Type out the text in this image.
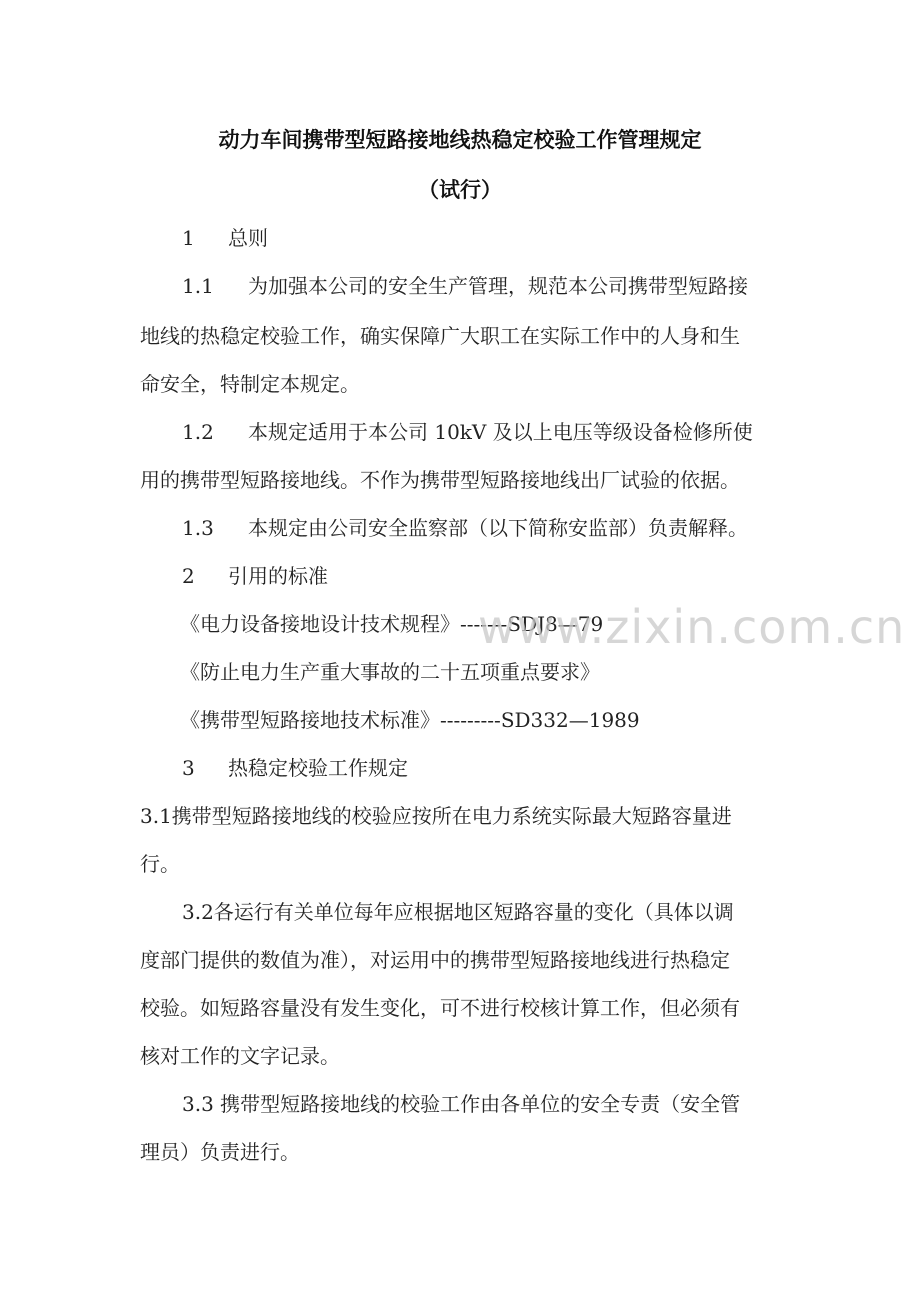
动力车间携带型短路接地线热稳定校验工作管理规定
（试行）
1 总则
1.1 为加强本公司的安全生产管理，规范本公司携带型短路接
地线的热稳定校验工作，确实保障广大职工在实际工作中的人身和生
命安全，特制定本规定。
1.2 本规定适用于本公司 10kV 及以上电压等级设备检修所使
用的携带型短路接地线。不作为携带型短路接地线出厂试验的依据。
1.3 本规定由公司安全监察部（以下简称安监部）负责解释。
2 引用的标准
《电力设备接地设计技术规程》-------SDJ8—79
《防止电力生产重大事故的二十五项重点要求》
《携带型短路接地技术标准》---------SD332—1989
3 热稳定校验工作规定
3.1携带型短路接地线的校验应按所在电力系统实际最大短路容量进
行。
3.2各运行有关单位每年应根据地区短路容量的变化（具体以调
度部门提供的数值为准），对运用中的携带型短路接地线进行热稳定
校验。如短路容量没有发生变化，可不进行校核计算工作，但必须有
核对工作的文字记录。
3.3 携带型短路接地线的校验工作由各单位的安全专责（安全管
理员）负责进行。
www.zixin.com.cn
